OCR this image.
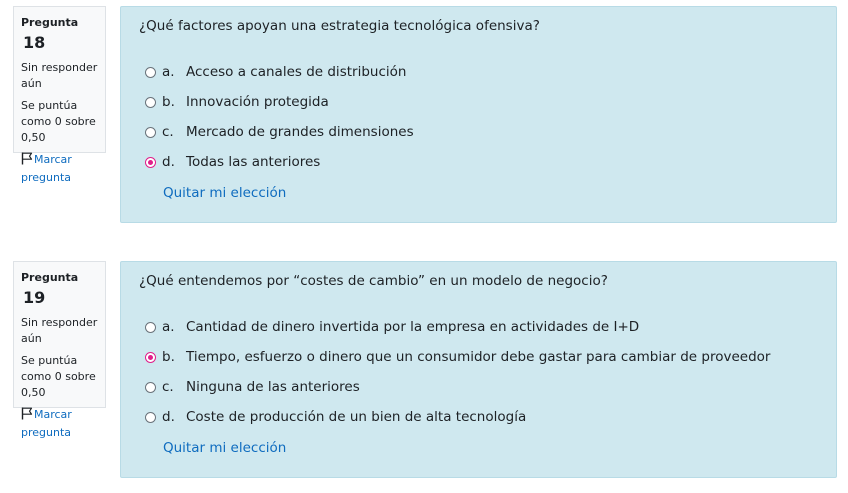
Pregunta 18
Sin responder aún
Se puntúa como 0 sobre 0,50
Marcar pregunta
¿Qué factores apoyan una estrategia tecnológica ofensiva?
a. Acceso a canales de distribución
b. Innovación protegida
c. Mercado de grandes dimensiones
d. Todas las anteriores
Quitar mi elección
Pregunta 19
Sin responder aún
Se puntúa como 0 sobre 0,50
Marcar pregunta
¿Qué entendemos por “costes de cambio” en un modelo de negocio?
a. Cantidad de dinero invertida por la empresa en actividades de I+D
b. Tiempo, esfuerzo o dinero que un consumidor debe gastar para cambiar de proveedor
c. Ninguna de las anteriores
d. Coste de producción de un bien de alta tecnología
Quitar mi elección
